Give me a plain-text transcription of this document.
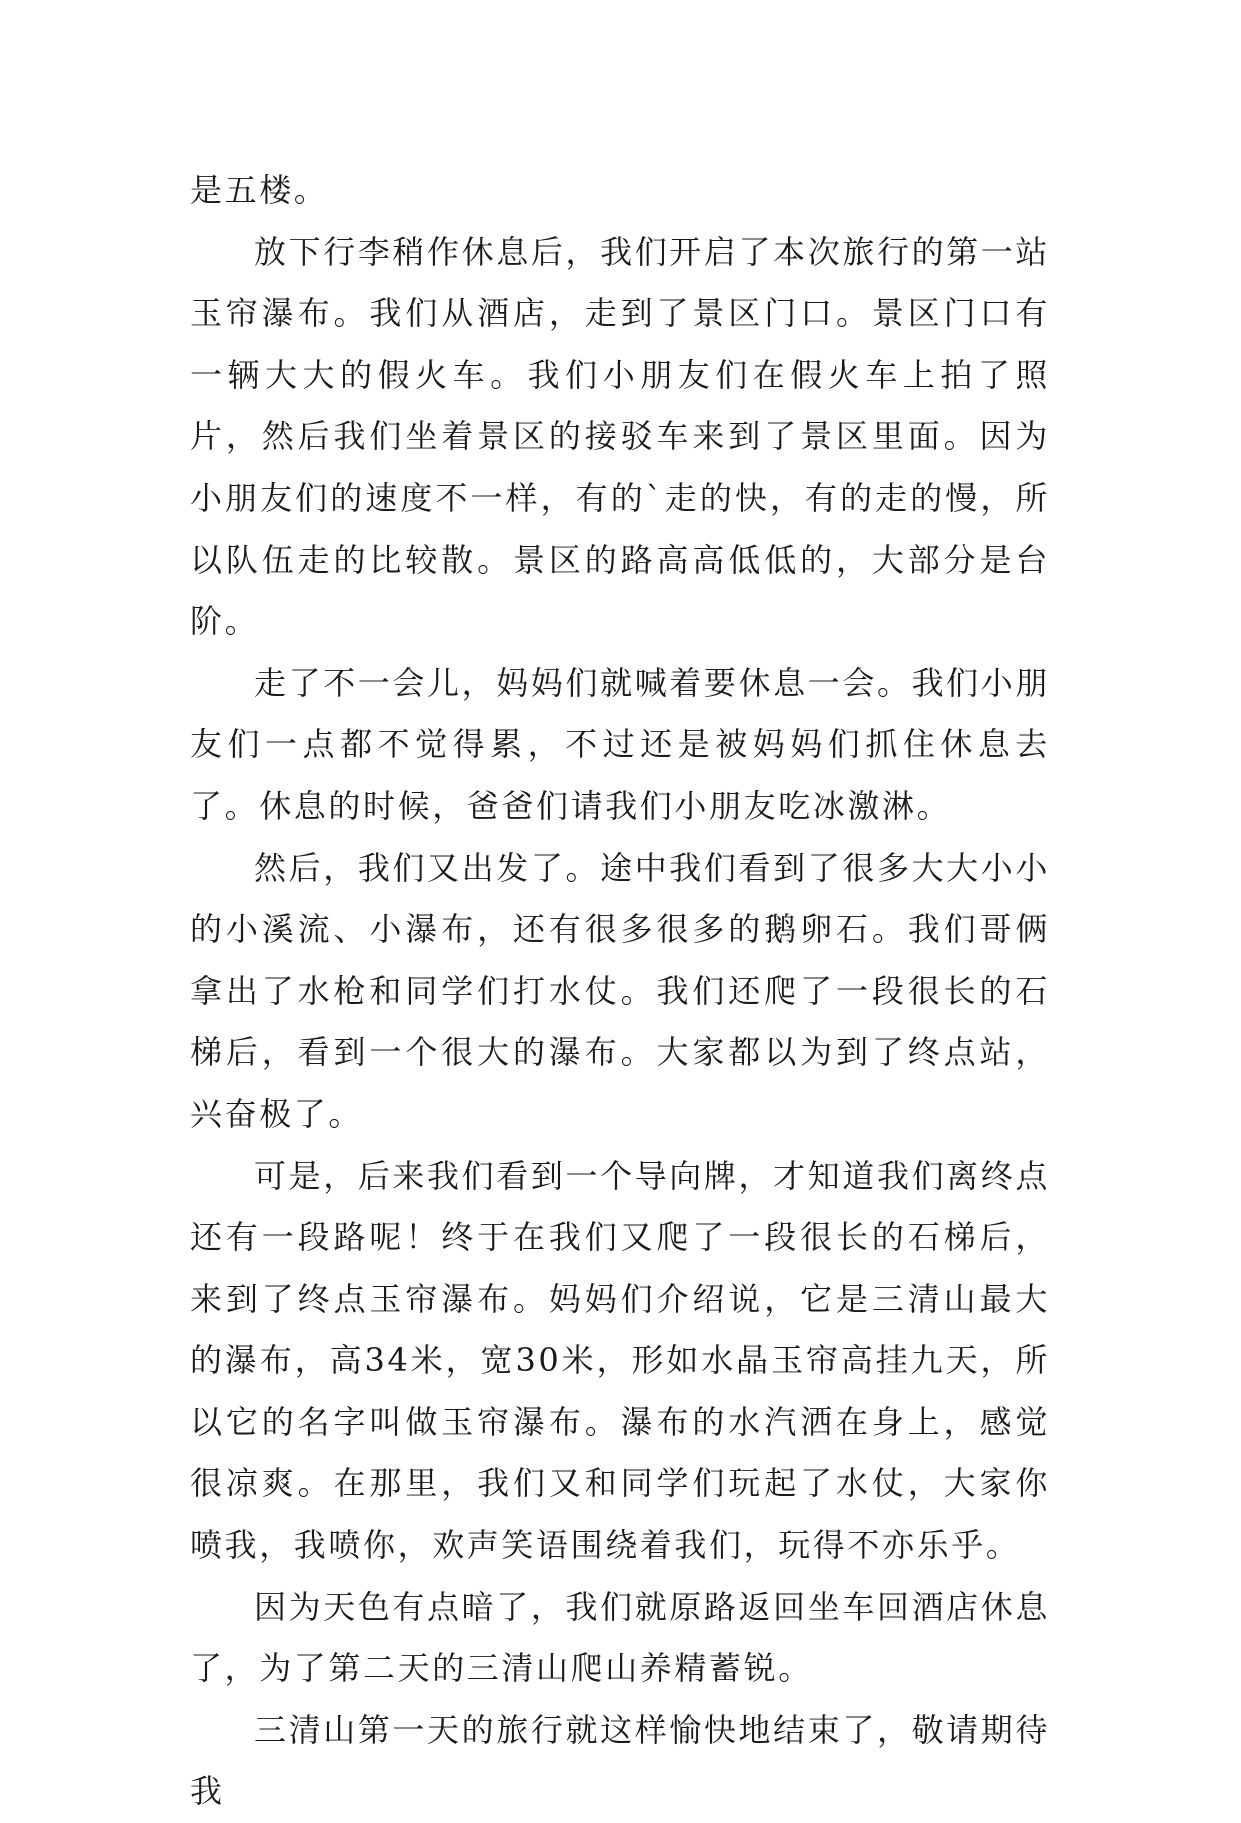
是五楼。

放下行李稍作休息后，我们开启了本次旅行的第一站玉帘瀑布。我们从酒店，走到了景区门口。景区门口有一辆大大的假火车。我们小朋友们在假火车上拍了照片，然后我们坐着景区的接驳车来到了景区里面。因为小朋友们的速度不一样，有的`走的快，有的走的慢，所以队伍走的比较散。景区的路高高低低的，大部分是台阶。

走了不一会儿，妈妈们就喊着要休息一会。我们小朋友们一点都不觉得累，不过还是被妈妈们抓住休息去了。休息的时候，爸爸们请我们小朋友吃冰激淋。

然后，我们又出发了。途中我们看到了很多大大小小的小溪流、小瀑布，还有很多很多的鹅卵石。我们哥俩拿出了水枪和同学们打水仗。我们还爬了一段很长的石梯后，看到一个很大的瀑布。大家都以为到了终点站，兴奋极了。

可是，后来我们看到一个导向牌，才知道我们离终点还有一段路呢！终于在我们又爬了一段很长的石梯后，来到了终点玉帘瀑布。妈妈们介绍说，它是三清山最大的瀑布，高34米，宽30米，形如水晶玉帘高挂九天，所以它的名字叫做玉帘瀑布。瀑布的水汽洒在身上，感觉很凉爽。在那里，我们又和同学们玩起了水仗，大家你喷我，我喷你，欢声笑语围绕着我们，玩得不亦乐乎。

因为天色有点暗了，我们就原路返回坐车回酒店休息了，为了第二天的三清山爬山养精蓄锐。

三清山第一天的旅行就这样愉快地结束了，敬请期待我
